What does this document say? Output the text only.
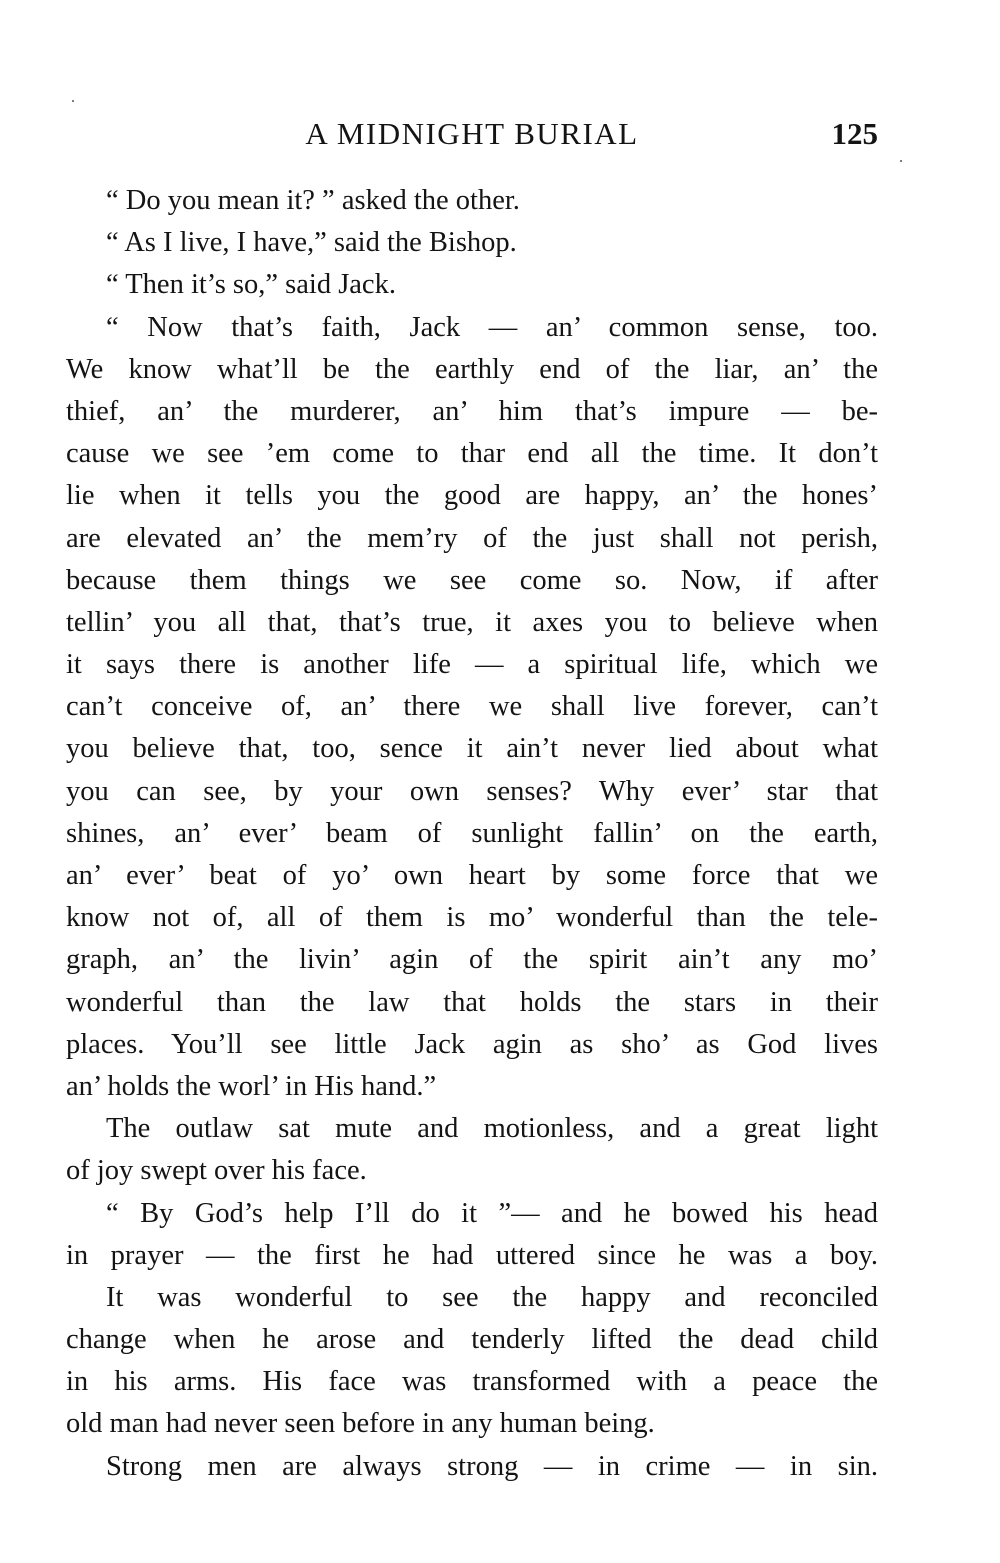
A MIDNIGHT BURIAL	125
“ Do you mean it? ” asked the other.
“ As I live, I have,” said the Bishop.
“ Then it’s so,” said Jack.
“ Now that’s faith, Jack — an’ common sense, too.
We know what’ll be the earthly end of the liar, an’ the
thief, an’ the murderer, an’ him that’s impure — be-
cause we see ’em come to thar end all the time. It don’t
lie when it tells you the good are happy, an’ the hones’
are elevated an’ the mem’ry of the just shall not perish,
because them things we see come so. Now, if after
tellin’ you all that, that’s true, it axes you to believe when
it says there is another life — a spiritual life, which we
can’t conceive of, an’ there we shall live forever, can’t
you believe that, too, sence it ain’t never lied about what
you can see, by your own senses? Why ever’ star that
shines, an’ ever’ beam of sunlight fallin’ on the earth,
an’ ever’ beat of yo’ own heart by some force that we
know not of, all of them is mo’ wonderful than the tele-
graph, an’ the livin’ agin of the spirit ain’t any mo’
wonderful than the law that holds the stars in their
places. You’ll see little Jack agin as sho’ as God lives
an’ holds the worl’ in His hand.”
The outlaw sat mute and motionless, and a great light
of joy swept over his face.
“ By God’s help I’ll do it ”— and he bowed his head
in prayer — the first he had uttered since he was a boy.
It was wonderful to see the happy and reconciled
change when he arose and tenderly lifted the dead child
in his arms. His face was transformed with a peace the
old man had never seen before in any human being.
Strong men are always strong — in crime — in sin.
